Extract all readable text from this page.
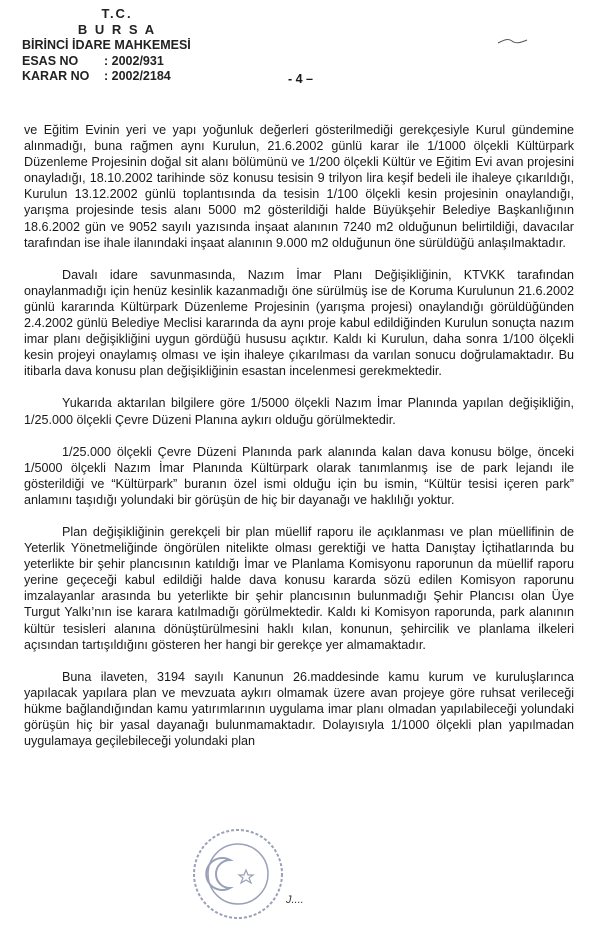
T.C.
B U R S A
BİRİNCİ İDARE MAHKEMESİ
ESAS NO : 2002/931
KARAR NO : 2002/2184	- 4 –

ve Eğitim Evinin yeri ve yapı yoğunluk değerleri gösterilmediği gerekçesiyle Kurul gündemine alınmadığı, buna rağmen aynı Kurulun, 21.6.2002 günlü karar ile 1/1000 ölçekli Kültürpark Düzenleme Projesinin doğal sit alanı bölümünü ve 1/200 ölçekli Kültür ve Eğitim Evi avan projesini onayladığı, 18.10.2002 tarihinde söz konusu tesisin 9 trilyon lira keşif bedeli ile ihaleye çıkarıldığı, Kurulun 13.12.2002 günlü toplantısında da tesisin 1/100 ölçekli kesin projesinin onaylandığı, yarışma projesinde tesis alanı 5000 m2 gösterildiği halde Büyükşehir Belediye Başkanlığının 18.6.2002 gün ve 9052 sayılı yazısında inşaat alanının 7240 m2 olduğunun belirtildiği, davacılar tarafından ise ihale ilanındaki inşaat alanının 9.000 m2 olduğunun öne sürüldüğü anlaşılmaktadır.

Davalı idare savunmasında, Nazım İmar Planı Değişikliğinin, KTVKK tarafından onaylanmadığı için henüz kesinlik kazanmadığı öne sürülmüş ise de Koruma Kurulunun 21.6.2002 günlü kararında Kültürpark Düzenleme Projesinin (yarışma projesi) onaylandığı görüldüğünden 2.4.2002 günlü Belediye Meclisi kararında da aynı proje kabul edildiğinden Kurulun sonuçta nazım imar planı değişikliğini uygun gördüğü hususu açıktır. Kaldı ki Kurulun, daha sonra 1/100 ölçekli kesin projeyi onaylamış olması ve işin ihaleye çıkarılması da varılan sonucu doğrulamaktadır. Bu itibarla dava konusu plan değişikliğinin esastan incelenmesi gerekmektedir.

Yukarıda aktarılan bilgilere göre 1/5000 ölçekli Nazım İmar Planında yapılan değişikliğin, 1/25.000 ölçekli Çevre Düzeni Planına aykırı olduğu görülmektedir.

1/25.000 ölçekli Çevre Düzeni Planında park alanında kalan dava konusu bölge, önceki 1/5000 ölçekli Nazım İmar Planında Kültürpark olarak tanımlanmış ise de park lejandı ile gösterildiği ve “Kültürpark” buranın özel ismi olduğu için bu ismin, “Kültür tesisi içeren park” anlamını taşıdığı yolundaki bir görüşün de hiç bir dayanağı ve haklılığı yoktur.

Plan değişikliğinin gerekçeli bir plan müellif raporu ile açıklanması ve plan müellifinin de Yeterlik Yönetmeliğinde öngörülen nitelikte olması gerektiği ve hatta Danıştay İçtihatlarında bu yeterlikte bir şehir plancısının katıldığı İmar ve Planlama Komisyonu raporunun da müellif raporu yerine geçeceği kabul edildiği halde dava konusu kararda sözü edilen Komisyon raporunu imzalayanlar arasında bu yeterlikte bir şehir plancısının bulunmadığı Şehir Plancısı olan Üye Turgut Yalkı’nın ise karara katılmadığı görülmektedir. Kaldı ki Komisyon raporunda, park alanının kültür tesisleri alanına dönüştürülmesini haklı kılan, konunun, şehircilik ve planlama ilkeleri açısından tartışıldığını gösteren her hangi bir gerekçe yer almamaktadır.

Buna ilaveten, 3194 sayılı Kanunun 26.maddesinde kamu kurum ve kuruluşlarınca yapılacak yapılara plan ve mevzuata aykırı olmamak üzere avan projeye göre ruhsat verileceği hükme bağlandığından kamu yatırımlarının uygulama imar planı olmadan yapılabileceği yolundaki görüşün hiç bir yasal dayanağı bulunmamaktadır. Dolayısıyla 1/1000 ölçekli plan yapılmadan uygulamaya geçilebileceği yolundaki plan

J....
